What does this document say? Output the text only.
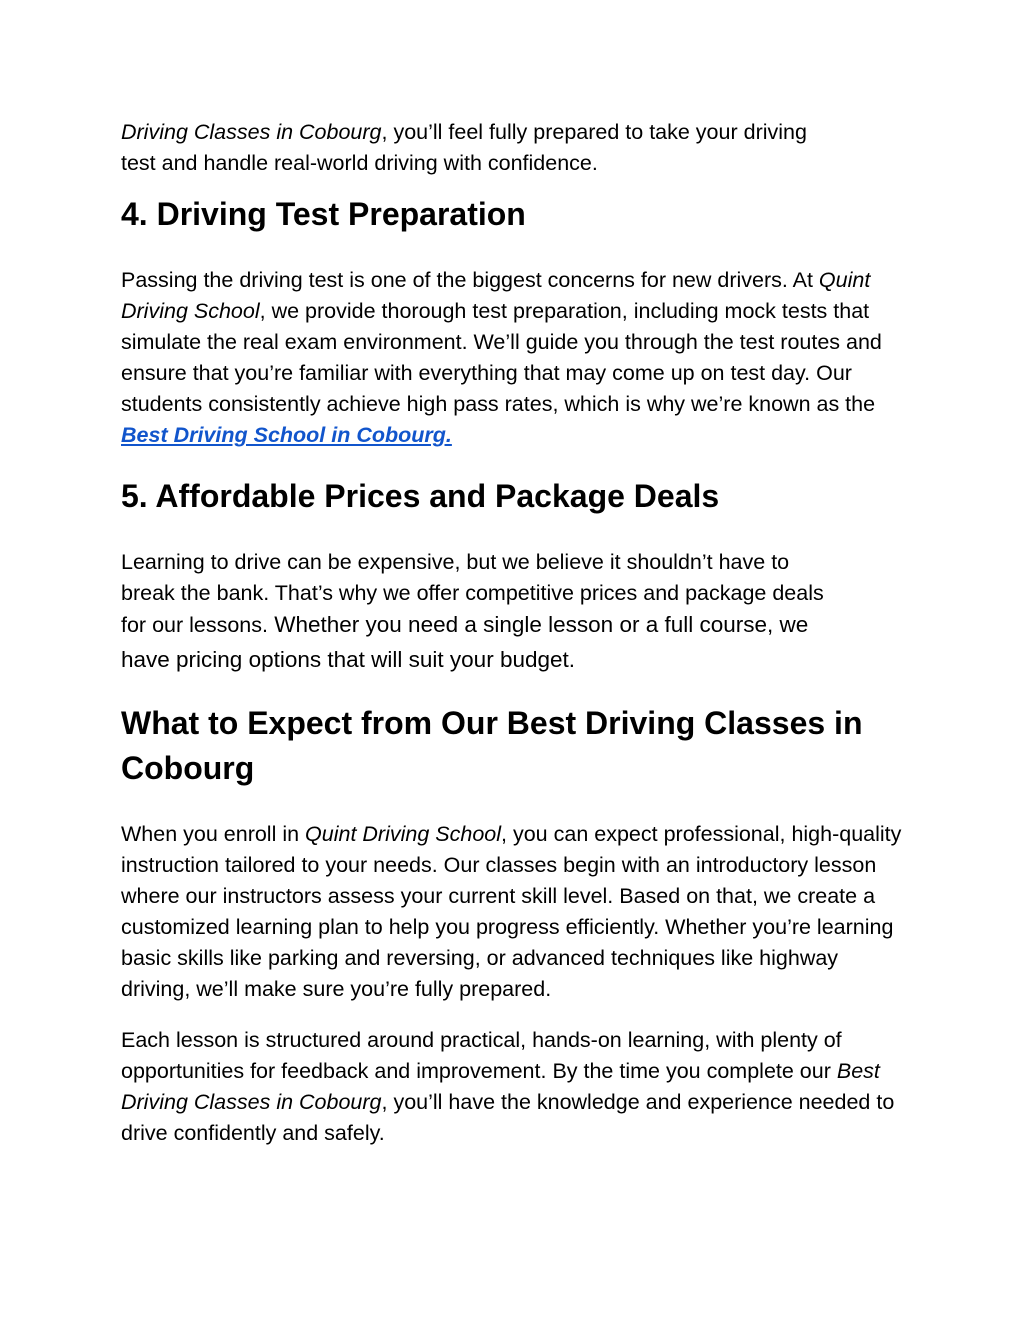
Driving Classes in Cobourg, you’ll feel fully prepared to take your driving
test and handle real-world driving with confidence.

4. Driving Test Preparation

Passing the driving test is one of the biggest concerns for new drivers. At Quint Driving School, we provide thorough test preparation, including mock tests that simulate the real exam environment. We’ll guide you through the test routes and ensure that you’re familiar with everything that may come up on test day. Our students consistently achieve high pass rates, which is why we’re known as the Best Driving School in Cobourg.

5. Affordable Prices and Package Deals

Learning to drive can be expensive, but we believe it shouldn’t have to
break the bank. That’s why we offer competitive prices and package deals
for our lessons. Whether you need a single lesson or a full course, we
have pricing options that will suit your budget.

What to Expect from Our Best Driving Classes in Cobourg

When you enroll in Quint Driving School, you can expect professional, high-quality instruction tailored to your needs. Our classes begin with an introductory lesson where our instructors assess your current skill level. Based on that, we create a customized learning plan to help you progress efficiently. Whether you’re learning basic skills like parking and reversing, or advanced techniques like highway driving, we’ll make sure you’re fully prepared.

Each lesson is structured around practical, hands-on learning, with plenty of opportunities for feedback and improvement. By the time you complete our Best Driving Classes in Cobourg, you’ll have the knowledge and experience needed to drive confidently and safely.
